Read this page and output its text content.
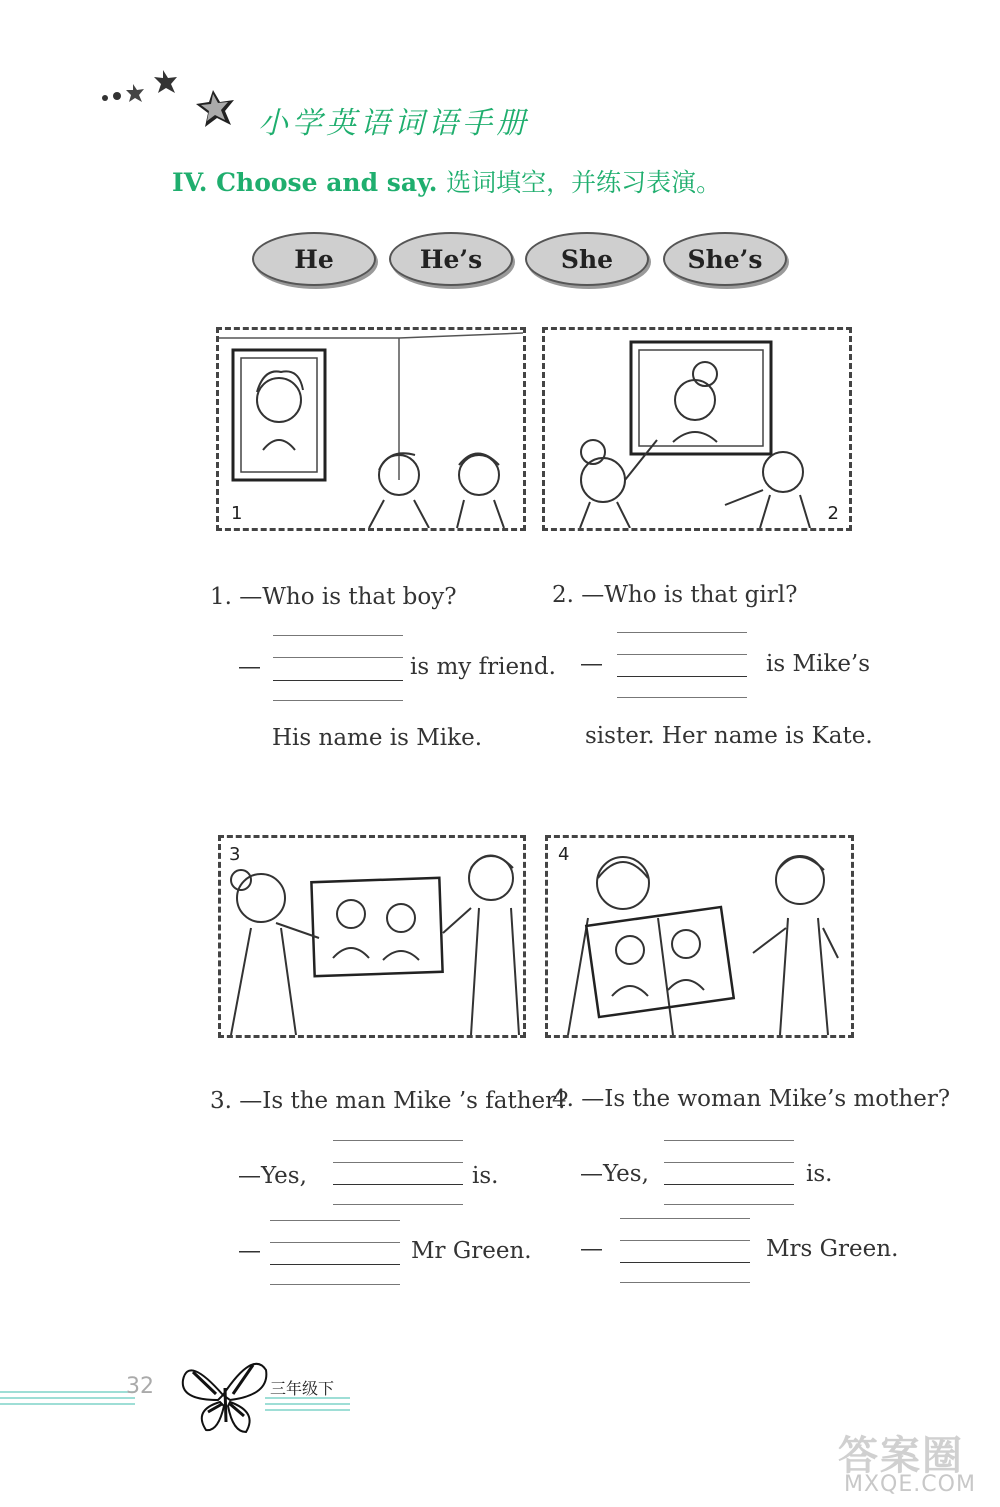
小学英语词语手册
IV. Choose and say. 选词填空，并练习表演。
He	He’s	She	She’s
1	2
1. —Who is that boy?
—	is my friend.
His name is Mike.
2. —Who is that girl?
—	is Mike’s
sister. Her name is Kate.
3	4
3. —Is the man Mike ’s father?
—Yes,	is.
—	Mr Green.
4. —Is the woman Mike’s mother?
—Yes,	is.
—	Mrs Green.
32	三年级下
答案圈
MXQE.COM
